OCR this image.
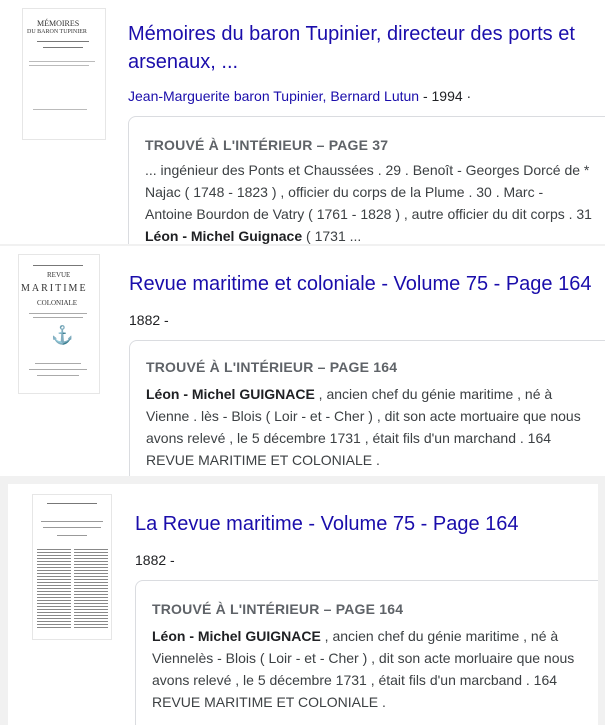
MÉMOIRES
DU BARON TUPINIER Mémoires du baron Tupinier, directeur des ports et
arsenaux, ...
Jean-Marguerite baron Tupinier, Bernard Lutun - 1994 ·
TROUVÉ À L'INTÉRIEUR – PAGE 37
... ingénieur des Ponts et Chaussées . 29 . Benoît - Georges Dorcé de *
Najac ( 1748 - 1823 ) , officier du corps de la Plume . 30 . Marc -
Antoine Bourdon de Vatry ( 1761 - 1828 ) , autre officier du dit corps . 31
Léon - Michel Guignace ( 1731 ...
REVUE
MARITIME
COLONIALE
⚓
Revue maritime et coloniale - Volume 75 - Page 164
1882 -
TROUVÉ À L'INTÉRIEUR – PAGE 164
Léon - Michel GUIGNACE , ancien chef du génie maritime , né à
Vienne . lès - Blois ( Loir - et - Cher ) , dit son acte mortuaire que nous
avons relevé , le 5 décembre 1731 , était fils d'un marchand . 164
REVUE MARITIME ET COLONIALE .
La Revue maritime - Volume 75 - Page 164
1882 -
TROUVÉ À L'INTÉRIEUR – PAGE 164
Léon - Michel GUIGNACE , ancien chef du génie maritime , né à
Viennelès - Blois ( Loir - et - Cher ) , dit son acte morluaire que nous
avons relevé , le 5 décembre 1731 , était fils d'un marcband . 164
REVUE MARITIME ET COLONIALE .
